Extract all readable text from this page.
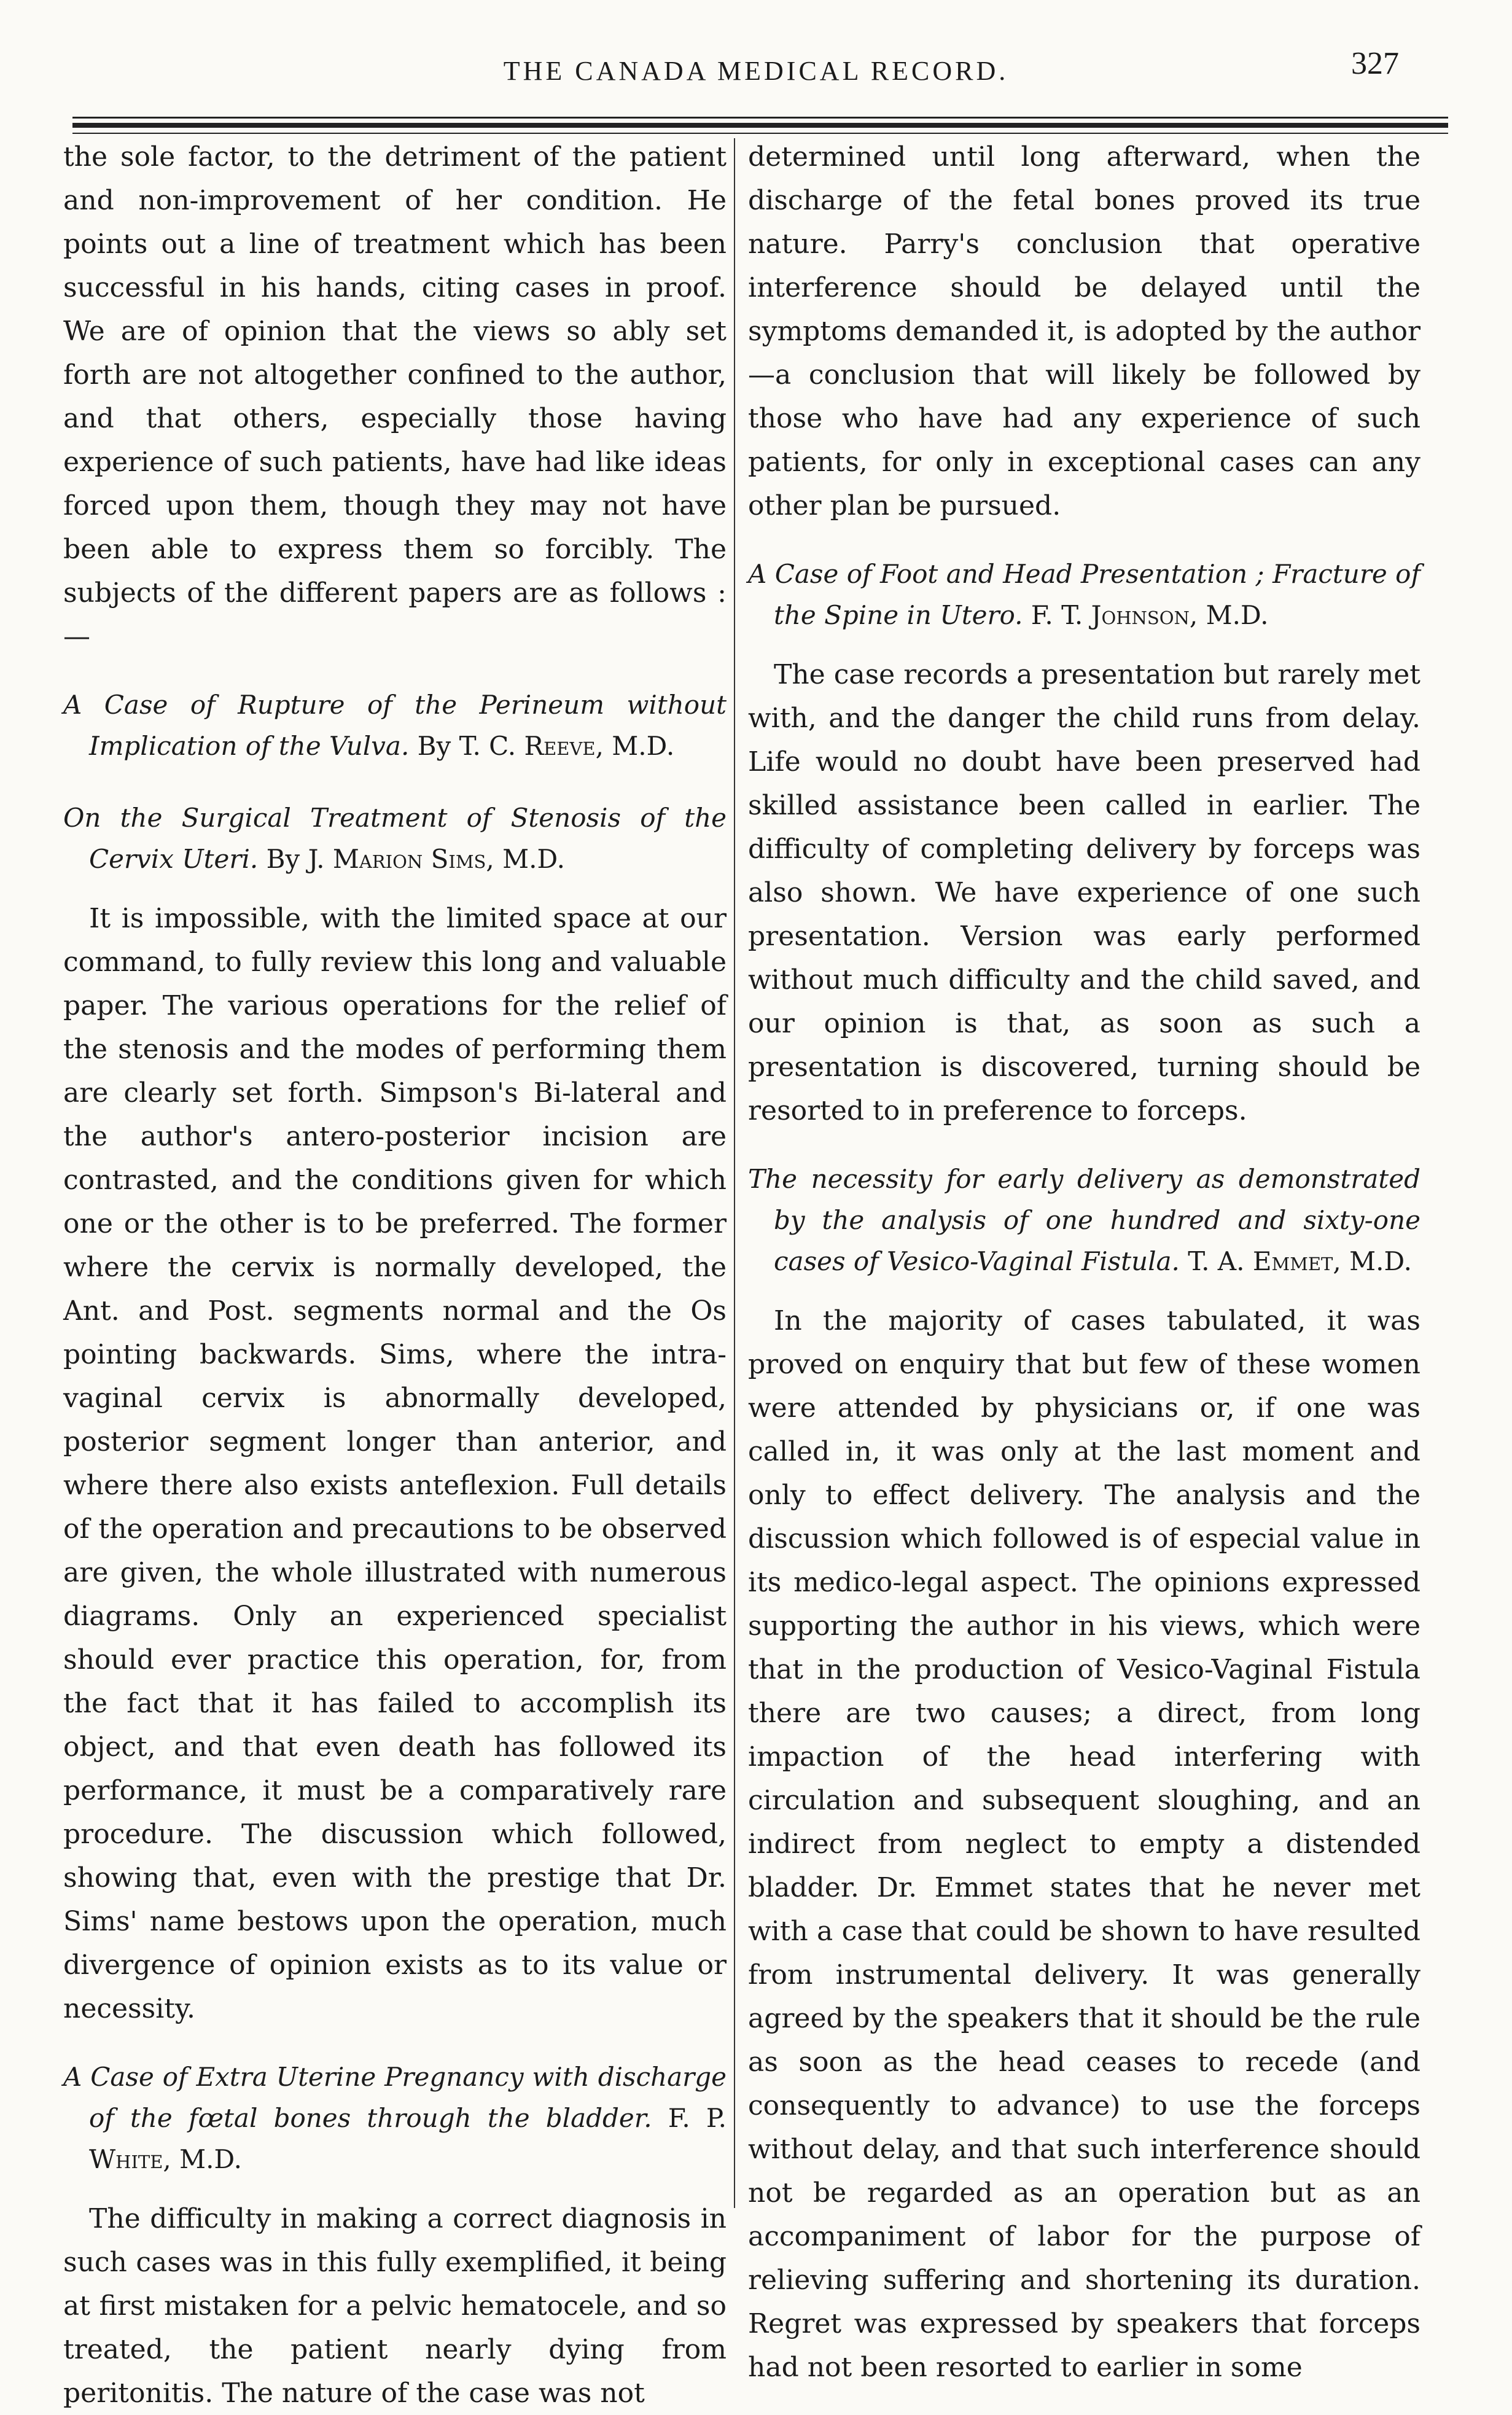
THE CANADA MEDICAL RECORD.	327

the sole factor, to the detriment of the patient and non-improvement of her condition. He points out a line of treatment which has been successful in his hands, citing cases in proof. We are of opinion that the views so ably set forth are not altogether confined to the author, and that others, especially those having experience of such patients, have had like ideas forced upon them, though they may not have been able to express them so forcibly. The subjects of the different papers are as follows :—

A Case of Rupture of the Perineum without Implication of the Vulva. By T. C. Reeve, M.D.

On the Surgical Treatment of Stenosis of the Cervix Uteri. By J. Marion Sims, M.D.

It is impossible, with the limited space at our command, to fully review this long and valuable paper. The various operations for the relief of the stenosis and the modes of performing them are clearly set forth. Simpson's Bi-lateral and the author's antero-posterior incision are contrasted, and the conditions given for which one or the other is to be preferred. The former where the cervix is normally developed, the Ant. and Post. segments normal and the Os pointing backwards. Sims, where the intra-vaginal cervix is abnormally developed, posterior segment longer than anterior, and where there also exists anteflexion. Full details of the operation and precautions to be observed are given, the whole illustrated with numerous diagrams. Only an experienced specialist should ever practice this operation, for, from the fact that it has failed to accomplish its object, and that even death has followed its performance, it must be a comparatively rare procedure. The discussion which followed, showing that, even with the prestige that Dr. Sims' name bestows upon the operation, much divergence of opinion exists as to its value or necessity.

A Case of Extra Uterine Pregnancy with discharge of the fœtal bones through the bladder. F. P. White, M.D.

The difficulty in making a correct diagnosis in such cases was in this fully exemplified, it being at first mistaken for a pelvic hematocele, and so treated, the patient nearly dying from peritonitis. The nature of the case was not

determined until long afterward, when the discharge of the fetal bones proved its true nature. Parry's conclusion that operative interference should be delayed until the symptoms demanded it, is adopted by the author—a conclusion that will likely be followed by those who have had any experience of such patients, for only in exceptional cases can any other plan be pursued.

A Case of Foot and Head Presentation ; Fracture of the Spine in Utero. F. T. Johnson, M.D.

The case records a presentation but rarely met with, and the danger the child runs from delay. Life would no doubt have been preserved had skilled assistance been called in earlier. The difficulty of completing delivery by forceps was also shown. We have experience of one such presentation. Version was early performed without much difficulty and the child saved, and our opinion is that, as soon as such a presentation is discovered, turning should be resorted to in preference to forceps.

The necessity for early delivery as demonstrated by the analysis of one hundred and sixty-one cases of Vesico-Vaginal Fistula. T. A. Emmet, M.D.

In the majority of cases tabulated, it was proved on enquiry that but few of these women were attended by physicians or, if one was called in, it was only at the last moment and only to effect delivery. The analysis and the discussion which followed is of especial value in its medico-legal aspect. The opinions expressed supporting the author in his views, which were that in the production of Vesico-Vaginal Fistula there are two causes; a direct, from long impaction of the head interfering with circulation and subsequent sloughing, and an indirect from neglect to empty a distended bladder. Dr. Emmet states that he never met with a case that could be shown to have resulted from instrumental delivery. It was generally agreed by the speakers that it should be the rule as soon as the head ceases to recede (and consequently to advance) to use the forceps without delay, and that such interference should not be regarded as an operation but as an accompaniment of labor for the purpose of relieving suffering and shortening its duration. Regret was expressed by speakers that forceps had not been resorted to earlier in some
